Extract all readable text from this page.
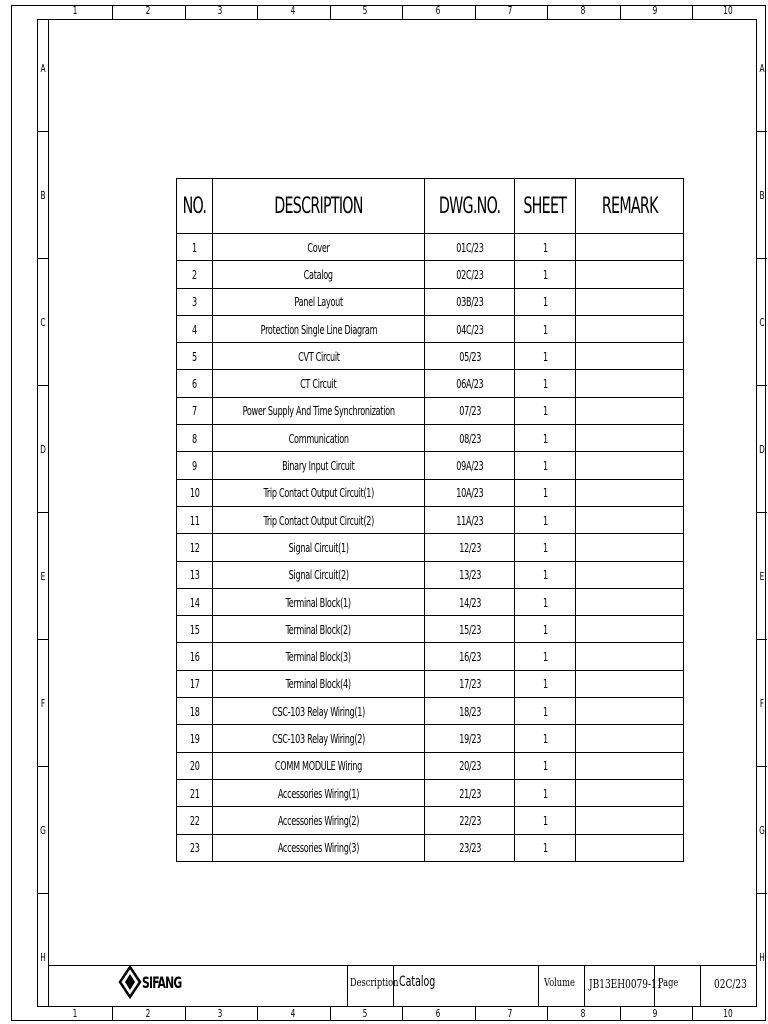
1	2	3	4	5	6	7	8	9	10
1	2	3	4	5	6	7	8	9	10
A
B
C
D
E
F
G
H
A
B
C
D
E
F
G
H
NO.	DESCRIPTION	DWG.NO.	SHEET	REMARK
1	Cover	01C/23	1	
2	Catalog	02C/23	1	
3	Panel Layout	03B/23	1	
4	Protection Single Line Diagram	04C/23	1	
5	CVT Circuit	05/23	1	
6	CT Circuit	06A/23	1	
7	Power Supply And Time Synchronization	07/23	1	
8	Communication	08/23	1	
9	Binary Input Circuit	09A/23	1	
10	Trip Contact Output Circuit(1)	10A/23	1	
11	Trip Contact Output Circuit(2)	11A/23	1	
12	Signal Circuit(1)	12/23	1	
13	Signal Circuit(2)	13/23	1	
14	Terminal Block(1)	14/23	1	
15	Terminal Block(2)	15/23	1	
16	Terminal Block(3)	16/23	1	
17	Terminal Block(4)	17/23	1	
18	CSC-103 Relay Wiring(1)	18/23	1	
19	CSC-103 Relay Wiring(2)	19/23	1	
20	COMM MODULE Wiring	20/23	1	
21	Accessories Wiring(1)	21/23	1	
22	Accessories Wiring(2)	22/23	1	
23	Accessories Wiring(3)	23/23	1	
SIFANG	Description Catalog	Volume	JB13EH0079-11
Page	02C/23
